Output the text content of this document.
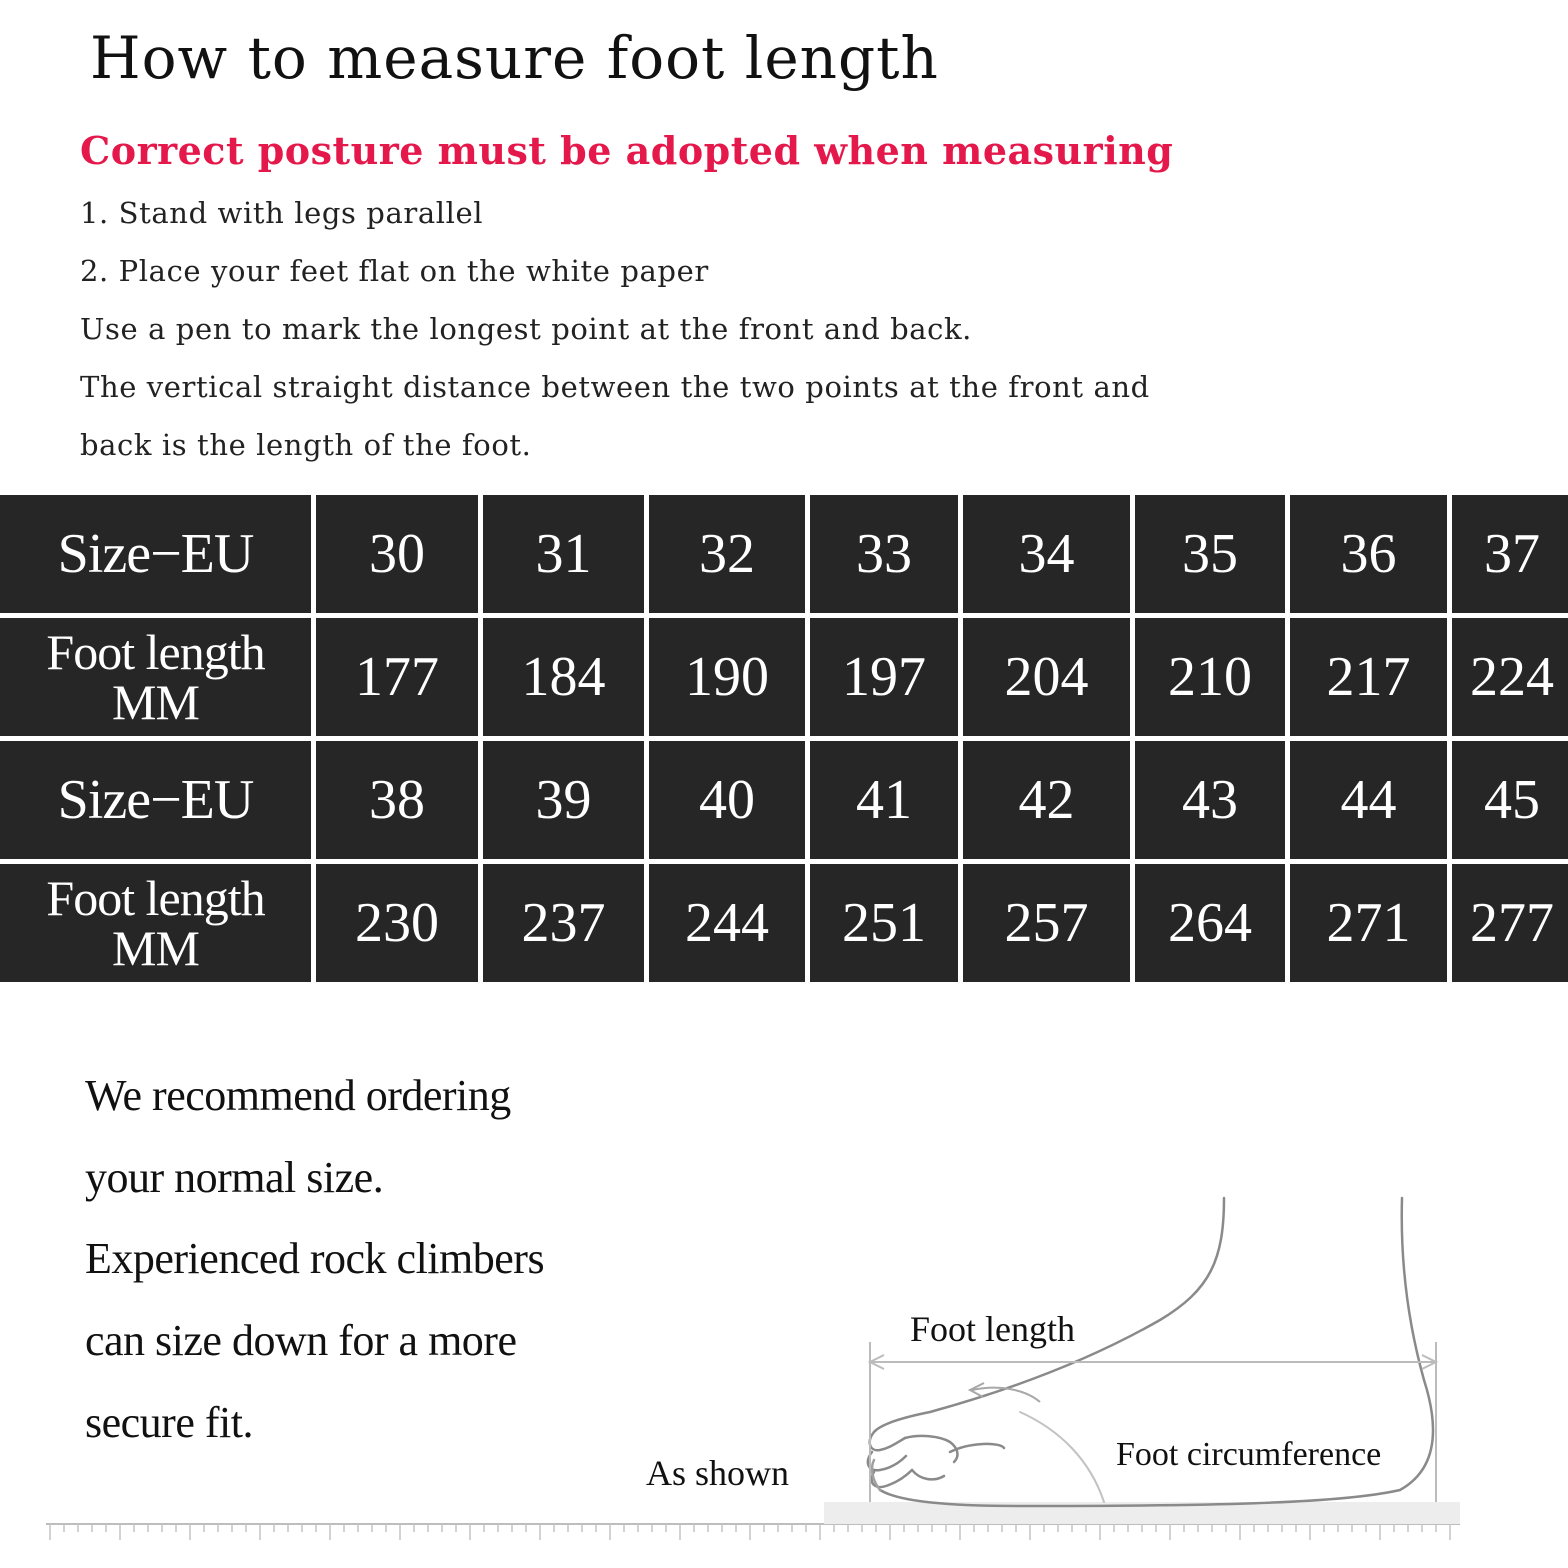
How to measure foot length
Correct posture must be adopted when measuring

1. Stand with legs parallel

2. Place your feet flat on the white paper

Use a pen to mark the longest point at the front and back.

The vertical straight distance between the two points at the front and

back is the length of the foot.

Size−EU	30	31	32	33	34	35	36	37

Foot length
MM	177	184	190	197	204	210	217	224
Size−EU	38	39	40	41	42	43	44	45

Foot length
MM	230	237	244	251	257	264	271	277

We recommend ordering

your normal size.

Experienced rock climbers

can size down for a more

secure fit.

Foot length
Foot circumference
As shown
